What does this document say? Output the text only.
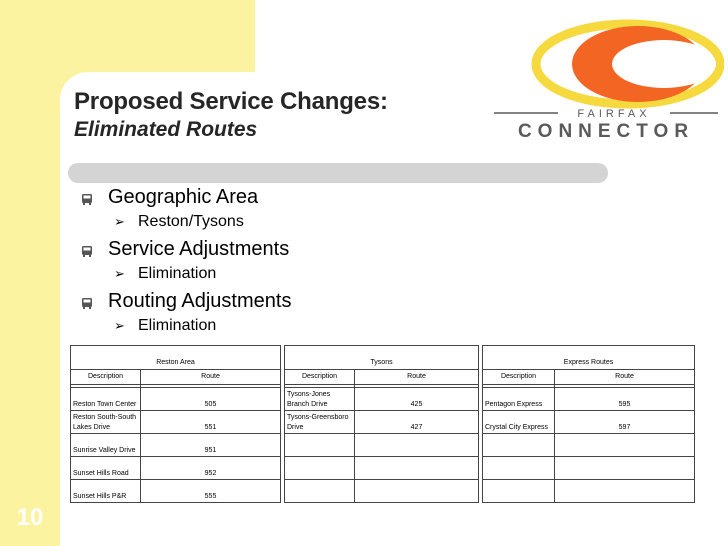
10
Proposed Service Changes:
Eliminated Routes
FAIRFAX
CONNECTOR
Geographic Area
➢ Reston/Tysons
Service Adjustments
➢ Elimination
Routing Adjustments
➢ Elimination
Reston Area			Tysons			Express Routes	
Description	Route		Description	Route		Description	Route

Reston Town Center	505		Tysons-Jones Branch Drive	425		Pentagon Express	595
Reston South-South Lakes Drive	551		Tysons-Greensboro Drive	427		Crystal City Express	597
Sunrise Valley Drive	951						
Sunset Hills Road	952						
Sunset Hills P&R	555						
